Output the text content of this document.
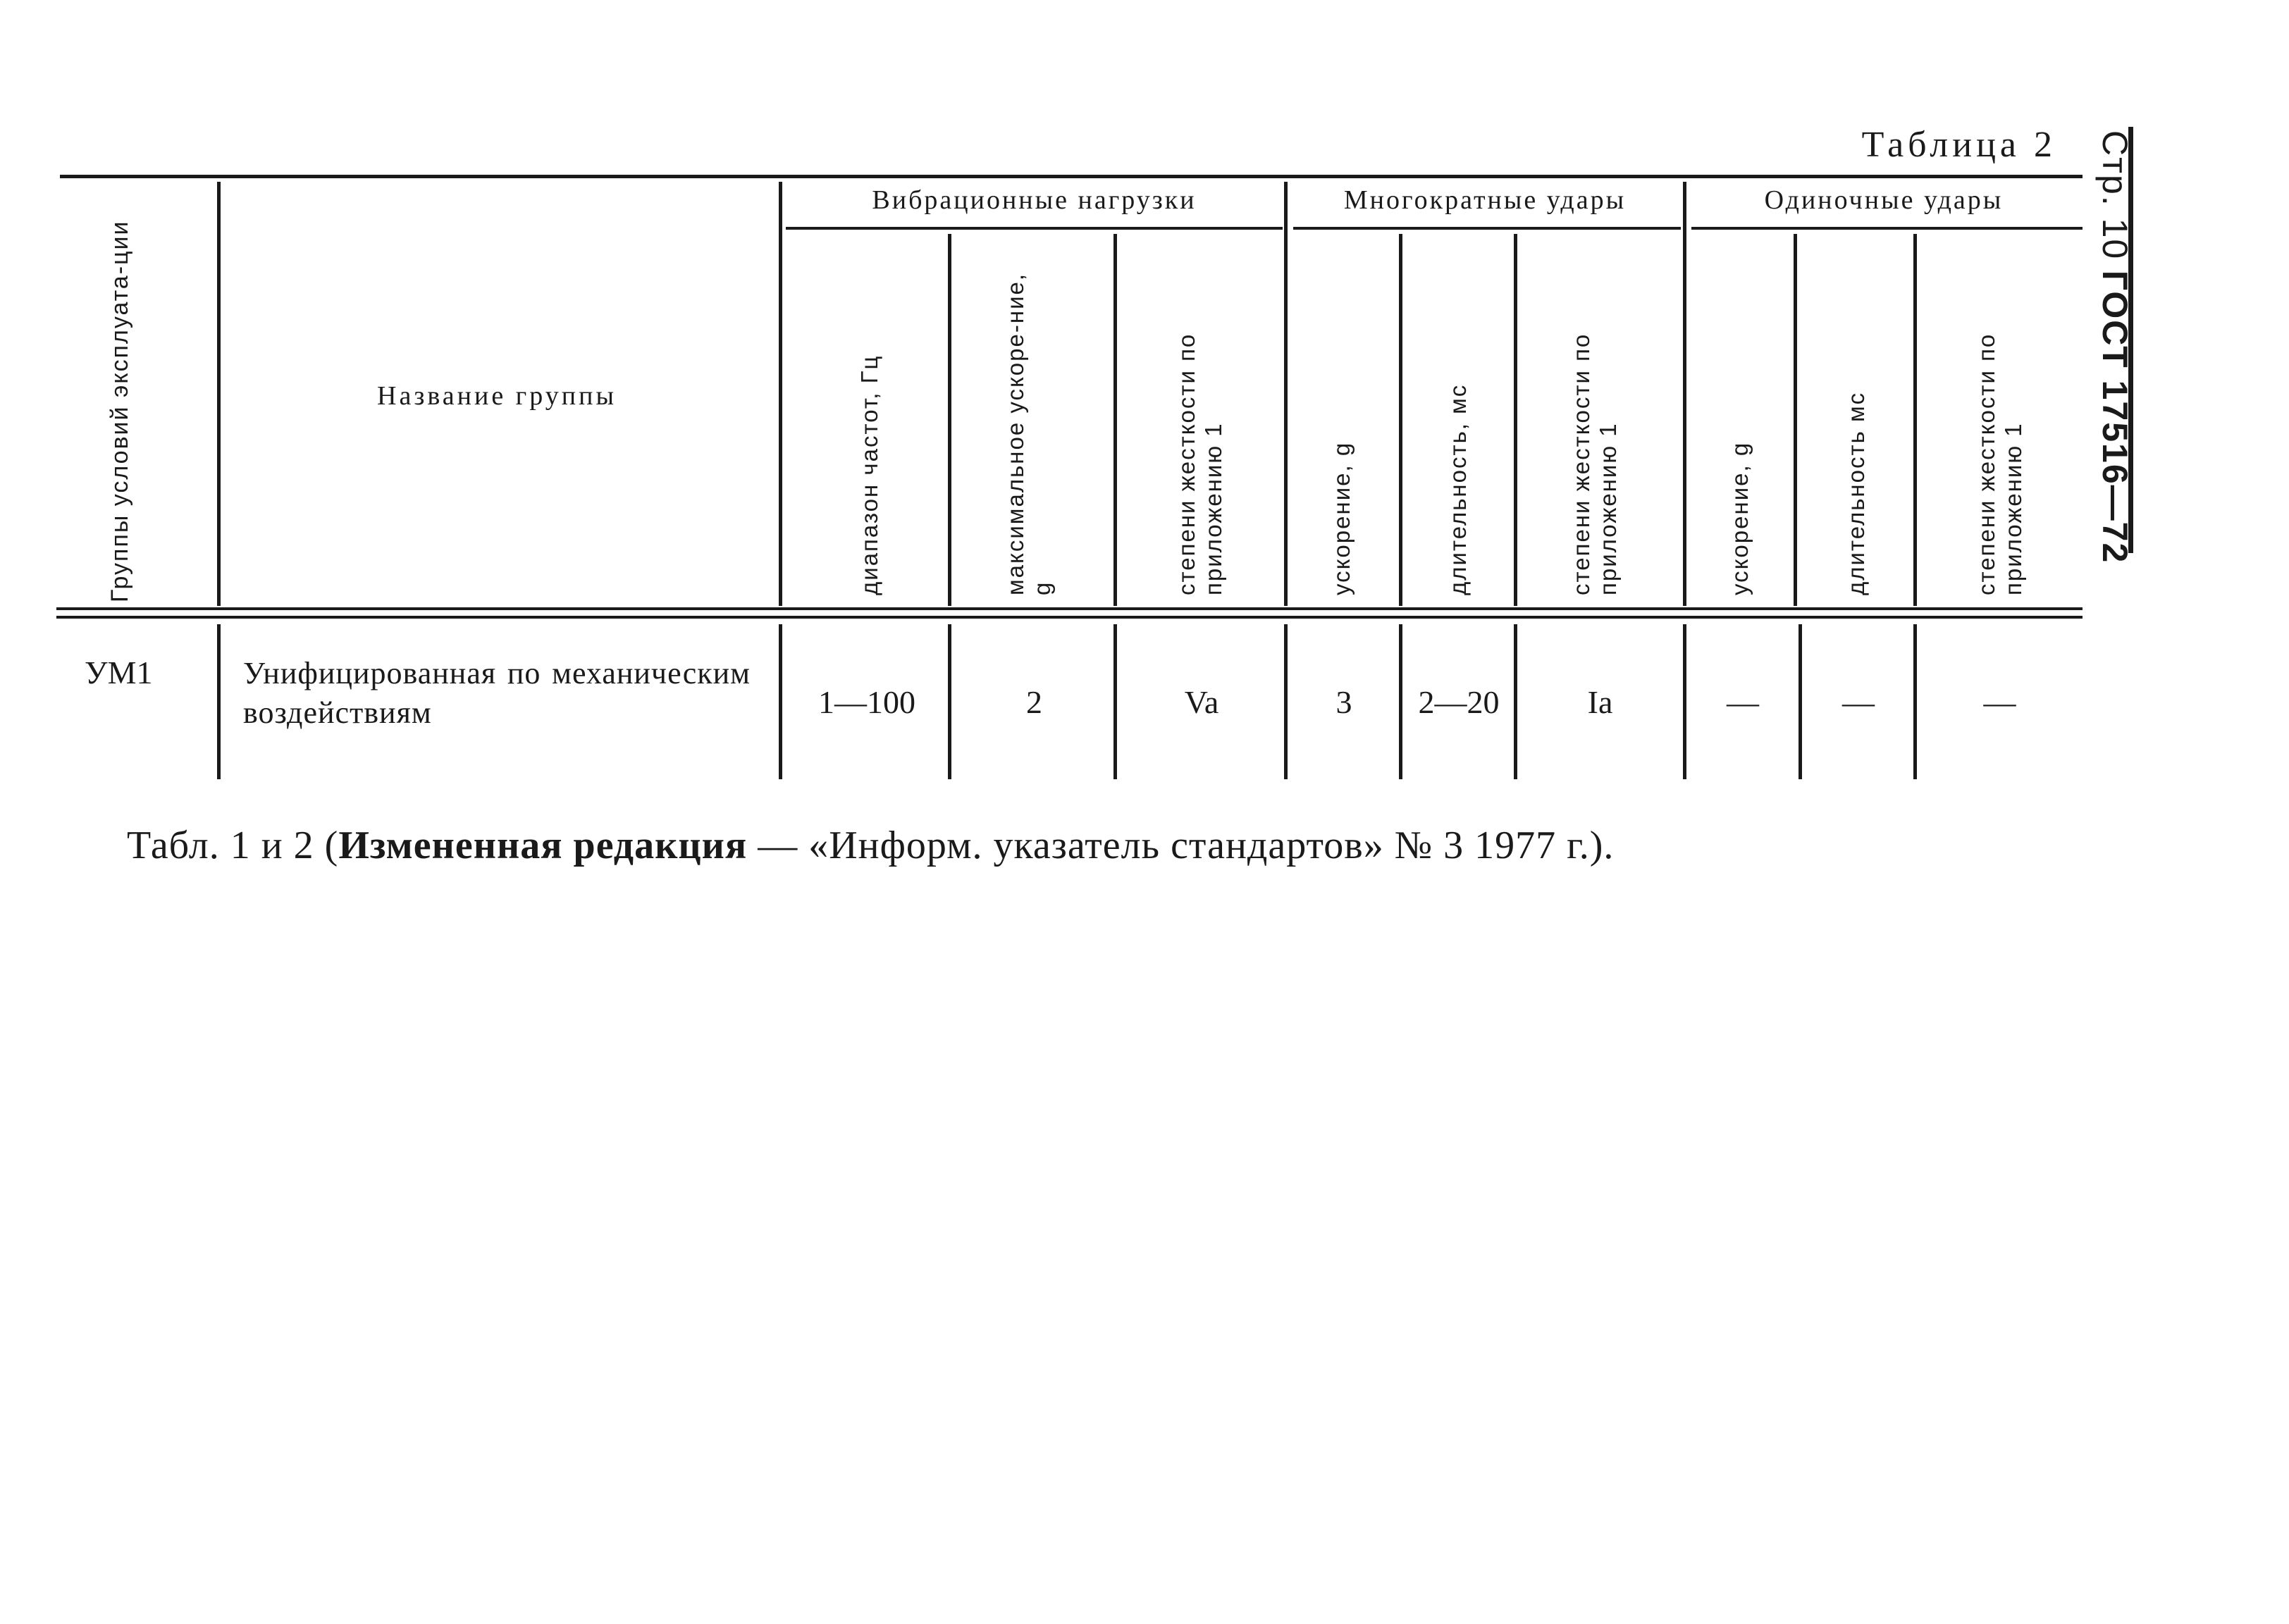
Стр. 10 ГОСТ 17516—72
Таблица 2
Группы условий эксплуата-ции	Название группы
Вибрационные нагрузки	Многократные удары	Одиночные удары
диапазон частот, Гц	максимальное ускоре-ние, g	степени жесткости по приложению 1	ускорение, g	длительность, мс	степени жесткости по приложению 1	ускорение, g	длительность мс	степени жесткости по приложению 1
УМ1	Унифицированная по механическим воздействиям	1—100	2	Va	3	2—20	Ia	—	—	—
Табл. 1 и 2 (Измененная редакция — «Информ. указатель стандартов» № 3 1977 г.).
